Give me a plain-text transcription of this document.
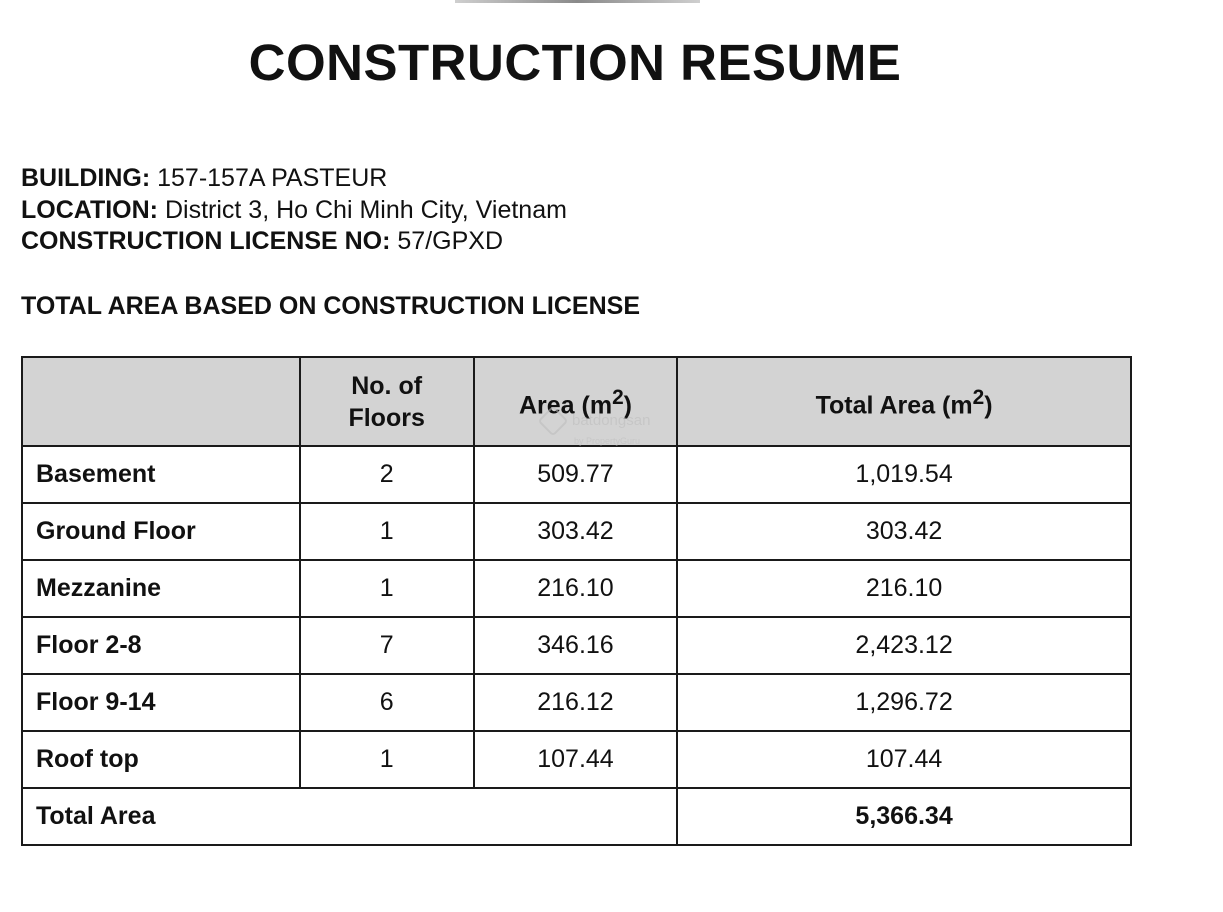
CONSTRUCTION RESUME
BUILDING: 157-157A PASTEUR
LOCATION: District 3, Ho Chi Minh City, Vietnam
CONSTRUCTION LICENSE NO: 57/GPXD
TOTAL AREA BASED ON CONSTRUCTION LICENSE
	No. of
Floors	Area $(m^2)$	Total Area $(m^2)$
Basement	2	509.77	1,019.54
Ground Floor	1	303.42	303.42
Mezzanine	1	216.10	216.10
Floor 2-8	7	346.16	2,423.12
Floor 9-14	6	216.12	1,296.72
Roof top	1	107.44	107.44
Total Area			5,366.34
batdongsan
by PropertyGuru
